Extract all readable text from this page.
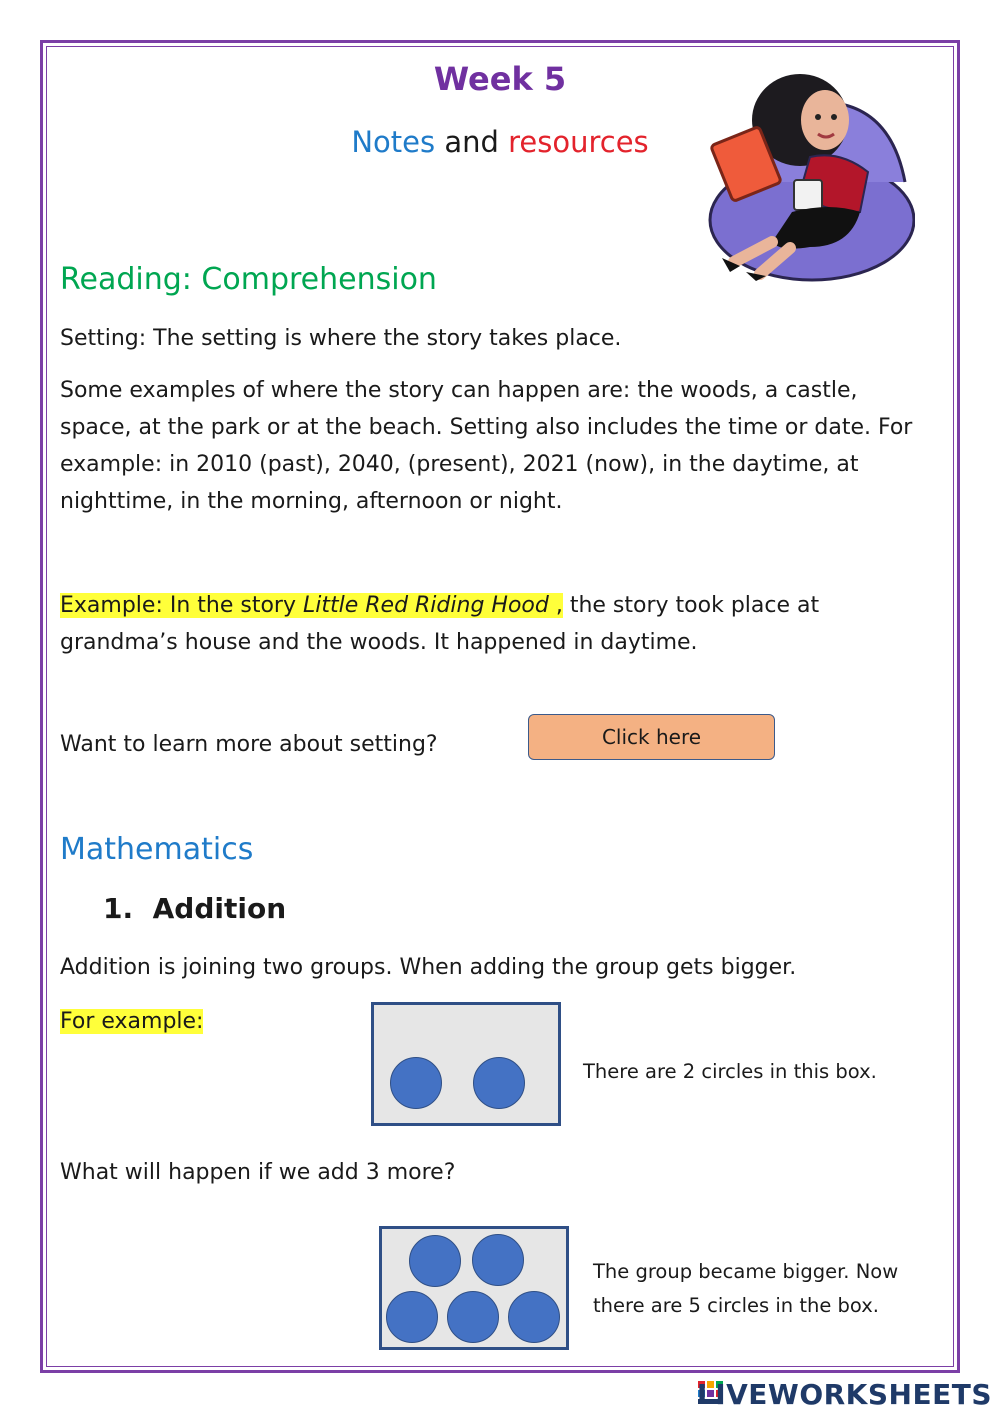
Week 5
Notes and resources
Reading: Comprehension
Setting: The setting is where the story takes place.
Some examples of where the story can happen are: the woods, a castle,
space, at the park or at the beach. Setting also includes the time or date. For
example: in 2010 (past), 2040, (present), 2021 (now), in the daytime, at
nighttime, in the morning, afternoon or night.
Example: In the story Little Red Riding Hood , the story took place at
grandma’s house and the woods. It happened in daytime.
Want to learn more about setting?	Click here
Mathematics
1. Addition
Addition is joining two groups. When adding the group gets bigger.
For example:
There are 2 circles in this box.
What will happen if we add 3 more?
The group became bigger. Now
there are 5 circles in the box.
LIVEWORKSHEETS
